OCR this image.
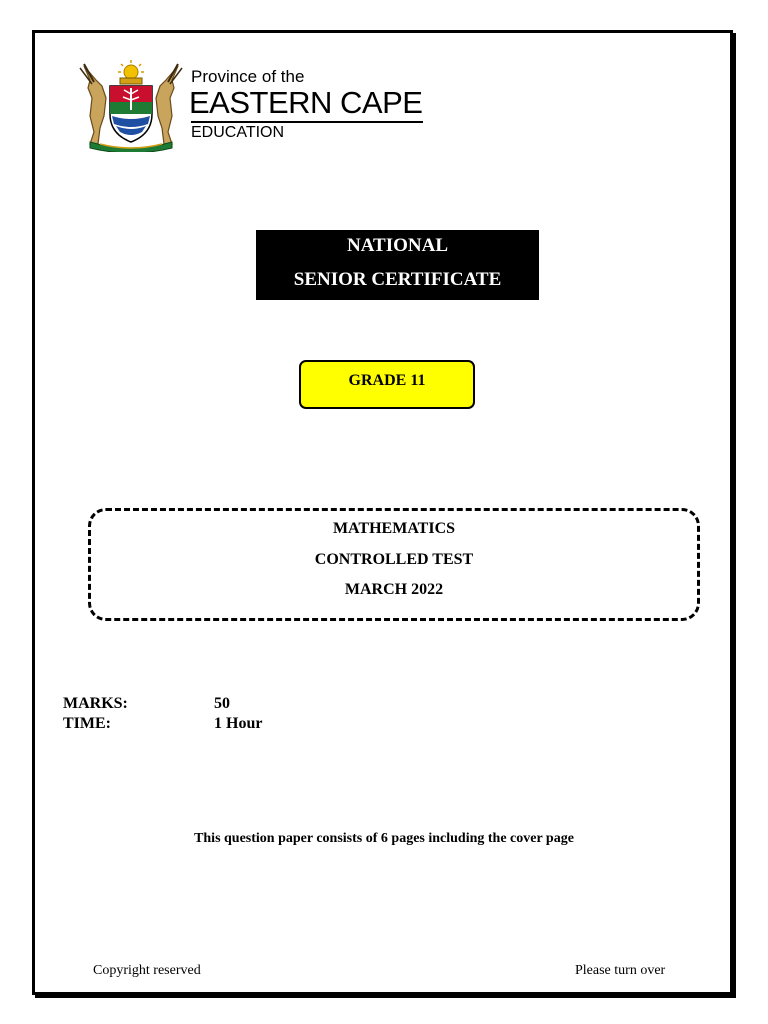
Province of the
EASTERN CAPE
EDUCATION
NATIONAL
SENIOR CERTIFICATE
GRADE 11
MATHEMATICS
CONTROLLED TEST
MARCH 2022
MARKS:	50
TIME:	1 Hour
This question paper consists of 6 pages including the cover page
Copyright reserved	Please turn over
